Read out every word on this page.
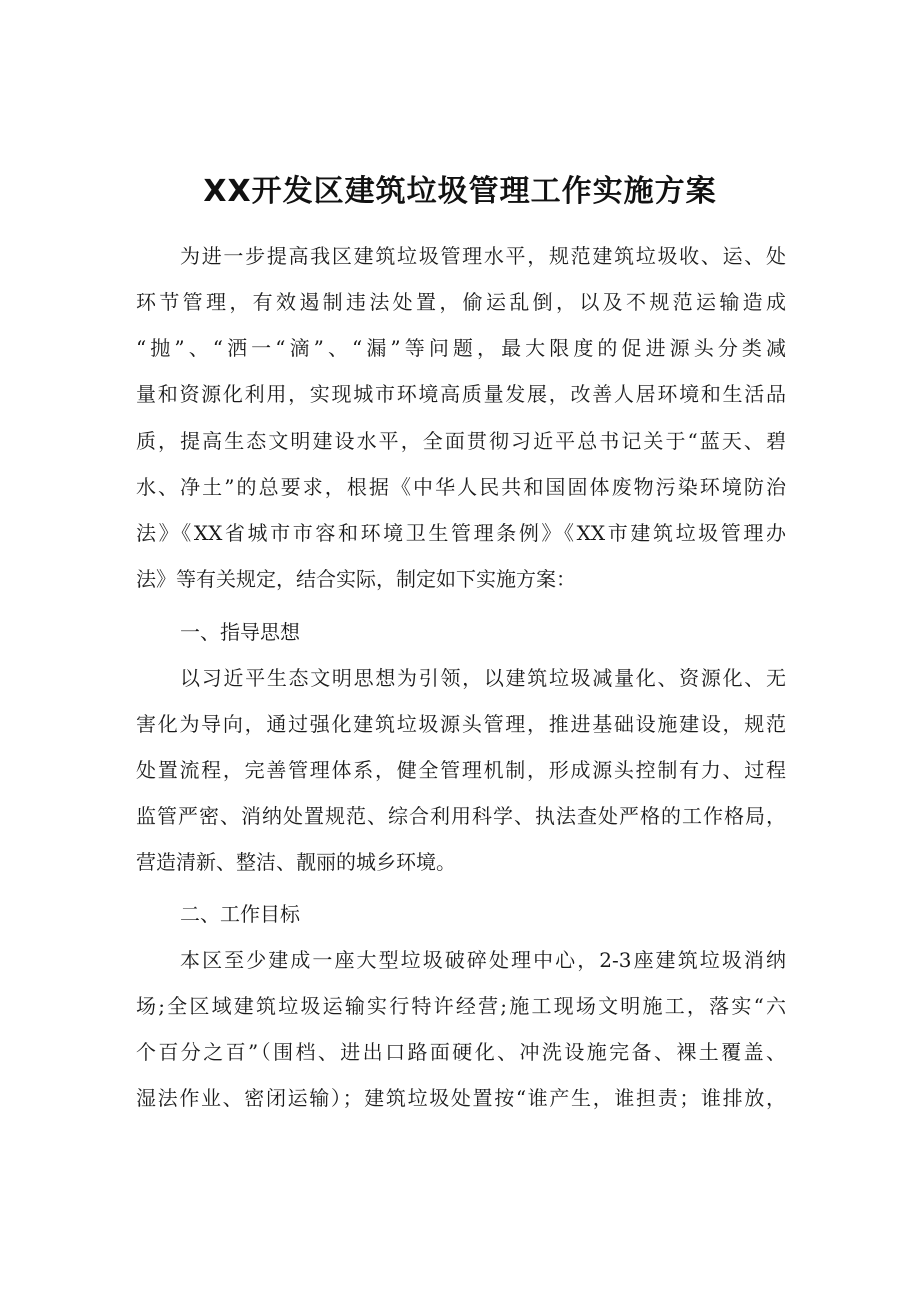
XX开发区建筑垃圾管理工作实施方案
为进一步提高我区建筑垃圾管理水平，规范建筑垃圾收、运、处
环节管理，有效遏制违法处置，偷运乱倒，以及不规范运输造成
“抛”、“洒一“滴”、“漏”等问题，最大限度的促进源头分类减
量和资源化利用，实现城市环境高质量发展，改善人居环境和生活品
质，提高生态文明建设水平，全面贯彻习近平总书记关于“蓝天、碧
水、净土”的总要求，根据《中华人民共和国固体废物污染环境防治
法》《XX省城市市容和环境卫生管理条例》《XX市建筑垃圾管理办
法》等有关规定，结合实际，制定如下实施方案：
一、指导思想
以习近平生态文明思想为引领，以建筑垃圾减量化、资源化、无
害化为导向，通过强化建筑垃圾源头管理，推进基础设施建设，规范
处置流程，完善管理体系，健全管理机制，形成源头控制有力、过程
监管严密、消纳处置规范、综合利用科学、执法查处严格的工作格局，
营造清新、整洁、靓丽的城乡环境。
二、工作目标
本区至少建成一座大型垃圾破碎处理中心，2-3座建筑垃圾消纳
场;全区域建筑垃圾运输实行特许经营;施工现场文明施工，落实“六
个百分之百”（围档、进出口路面硬化、冲洗设施完备、裸土覆盖、
湿法作业、密闭运输）；建筑垃圾处置按“谁产生，谁担责；谁排放，
